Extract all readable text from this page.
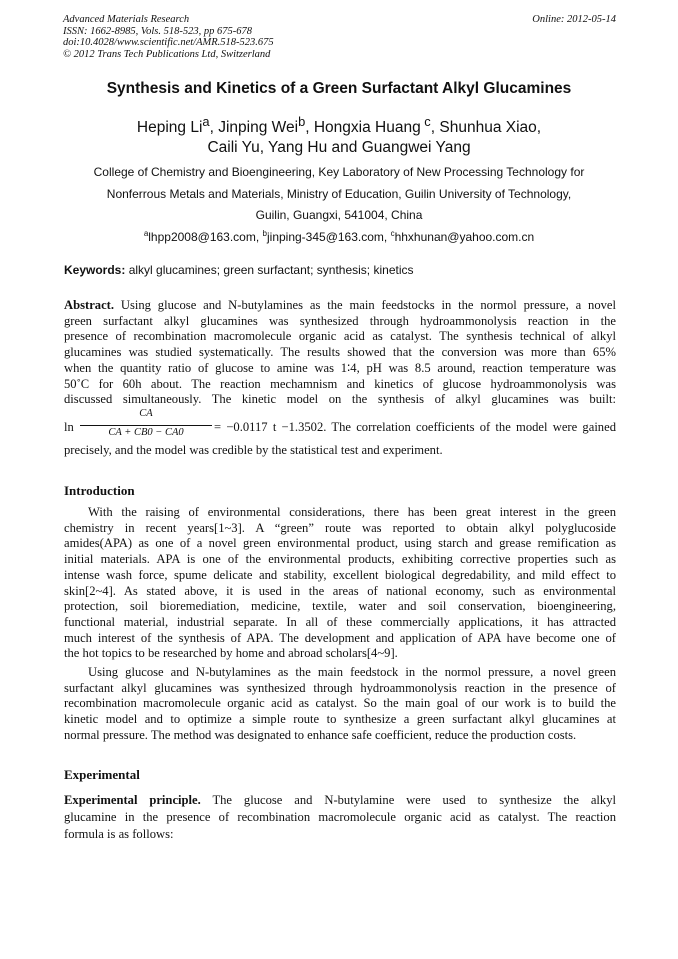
Advanced Materials Research
ISSN: 1662-8985, Vols. 518-523, pp 675-678
doi:10.4028/www.scientific.net/AMR.518-523.675
© 2012 Trans Tech Publications Ltd, Switzerland
Online: 2012-05-14
Synthesis and Kinetics of a Green Surfactant Alkyl Glucamines
Heping Li$^a$, Jinping Wei$^b$, Hongxia Huang $^c$, Shunhua Xiao,
Caili Yu, Yang Hu and Guangwei Yang
College of Chemistry and Bioengineering, Key Laboratory of New Processing Technology for
Nonferrous Metals and Materials, Ministry of Education, Guilin University of Technology,
Guilin, Guangxi, 541004, China
$^a$lhpp2008@163.com, $^b$jinping-345@163.com, $^c$hhxhunan@yahoo.com.cn
Keywords: alkyl glucamines; green surfactant; synthesis; kinetics
Abstract. Using glucose and N-butylamines as the main feedstocks in the normol pressure, a novel
green surfactant alkyl glucamines was synthesized through hydroammonolysis reaction in the
presence of recombination macromolecule organic acid as catalyst. The synthesis technical of alkyl
glucamines was studied systematically. The results showed that the conversion was more than 65%
when the quantity ratio of glucose to amine was 1∶4, pH was 8.5 around, reaction temperature was
50˚C for 60h about. The reaction mechamnism and kinetics of glucose hydroammonolysis was
discussed simultaneously. The kinetic model on the synthesis of alkyl glucamines was built:
ln
CA
CA + CB0 − CA0	= −0.0117 t −1.3502. The correlation coefficients of the model were gained
precisely, and the model was credible by the statistical test and experiment.
Introduction
With the raising of environmental considerations, there has been great interest in the green
chemistry in recent years[1~3]. A “green” route was reported to obtain alkyl polyglucoside
amides(APA) as one of a novel green environmental product, using starch and grease remification as
initial materials. APA is one of the environmental products, exhibiting corrective properties such as
intense wash force, spume delicate and stability, excellent biological degredability, and mild effect to
skin[2~4]. As stated above, it is used in the areas of national economy, such as environmental
protection, soil bioremediation, medicine, textile, water and soil conservation, bioengineering,
functional material, industrial separate. In all of these commercially applications, it has attracted
much interest of the synthesis of APA. The development and application of APA have become one of
the hot topics to be researched by home and abroad scholars[4~9].
Using glucose and N-butylamines as the main feedstock in the normol pressure, a novel green
surfactant alkyl glucamines was synthesized through hydroammonolysis reaction in the presence of
recombination macromolecule organic acid as catalyst. So the main goal of our work is to build the
kinetic model and to optimize a simple route to synthesize a green surfactant alkyl glucamines at
normal pressure. The method was designated to enhance safe coefficient, reduce the production costs.
Experimental
Experimental principle. The glucose and N-butylamine were used to synthesize the alkyl
glucamine in the presence of recombination macromolecule organic acid as catalyst. The reaction
formula is as follows:
